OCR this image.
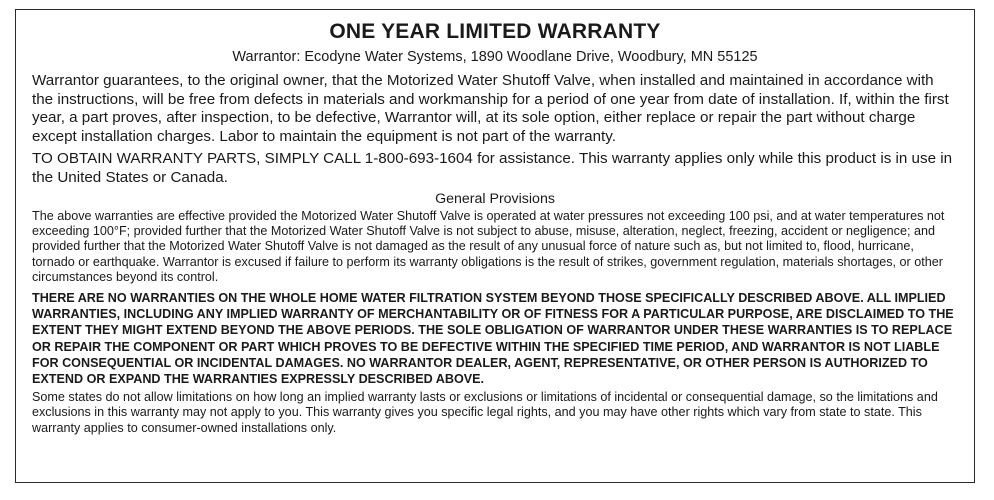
ONE YEAR LIMITED WARRANTY

Warrantor: Ecodyne Water Systems, 1890 Woodlane Drive, Woodbury, MN 55125

Warrantor guarantees, to the original owner, that the Motorized Water Shutoff Valve, when installed and maintained in accordance with the instructions, will be free from defects in materials and workmanship for a period of one year from date of installation. If, within the first year, a part proves, after inspection, to be defective, Warrantor will, at its sole option, either replace or repair the part without charge except installation charges. Labor to maintain the equipment is not part of the warranty.

TO OBTAIN WARRANTY PARTS, SIMPLY CALL 1-800-693-1604 for assistance. This warranty applies only while this product is in use in the United States or Canada.

General Provisions

The above warranties are effective provided the Motorized Water Shutoff Valve is operated at water pressures not exceeding 100 psi, and at water temperatures not exceeding 100°F; provided further that the Motorized Water Shutoff Valve is not subject to abuse, misuse, alteration, neglect, freezing, accident or negligence; and provided further that the Motorized Water Shutoff Valve is not damaged as the result of any unusual force of nature such as, but not limited to, flood, hurricane, tornado or earthquake. Warrantor is excused if failure to perform its warranty obligations is the result of strikes, government regulation, materials shortages, or other circumstances beyond its control.

THERE ARE NO WARRANTIES ON THE WHOLE HOME WATER FILTRATION SYSTEM BEYOND THOSE SPECIFICALLY DESCRIBED ABOVE. ALL IMPLIED WARRANTIES, INCLUDING ANY IMPLIED WARRANTY OF MERCHANTABILITY OR OF FITNESS FOR A PARTICULAR PURPOSE, ARE DISCLAIMED TO THE EXTENT THEY MIGHT EXTEND BEYOND THE ABOVE PERIODS. THE SOLE OBLIGATION OF WARRANTOR UNDER THESE WARRANTIES IS TO REPLACE OR REPAIR THE COMPONENT OR PART WHICH PROVES TO BE DEFECTIVE WITHIN THE SPECIFIED TIME PERIOD, AND WARRANTOR IS NOT LIABLE FOR CONSEQUENTIAL OR INCIDENTAL DAMAGES. NO WARRANTOR DEALER, AGENT, REPRESENTATIVE, OR OTHER PERSON IS AUTHORIZED TO EXTEND OR EXPAND THE WARRANTIES EXPRESSLY DESCRIBED ABOVE.

Some states do not allow limitations on how long an implied warranty lasts or exclusions or limitations of incidental or consequential damage, so the limitations and exclusions in this warranty may not apply to you. This warranty gives you specific legal rights, and you may have other rights which vary from state to state. This warranty applies to consumer-owned installations only.
